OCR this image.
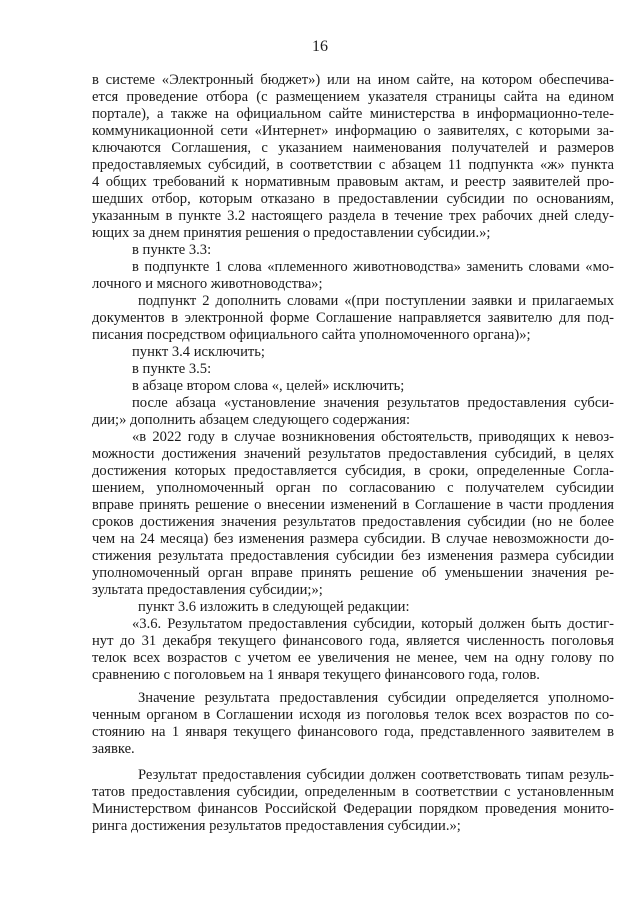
16
в системе «Электронный бюджет») или на ином сайте, на котором обеспечива-
ется проведение отбора (с размещением указателя страницы сайта на едином
портале), а также на официальном сайте министерства в информационно-теле-
коммуникационной сети «Интернет» информацию о заявителях, с которыми за-
ключаются Соглашения, с указанием наименования получателей и размеров
предоставляемых субсидий, в соответствии с абзацем 11 подпункта «ж» пункта
4 общих требований к нормативным правовым актам, и реестр заявителей про-
шедших отбор, которым отказано в предоставлении субсидии по основаниям,
указанным в пункте 3.2 настоящего раздела в течение трех рабочих дней следу-
ющих за днем принятия решения о предоставлении субсидии.»;
в пункте 3.3:
в подпункте 1 слова «племенного животноводства» заменить словами «мо-
лочного и мясного животноводства»;
подпункт 2 дополнить словами «(при поступлении заявки и прилагаемых
документов в электронной форме Соглашение направляется заявителю для под-
писания посредством официального сайта уполномоченного органа)»;
пункт 3.4 исключить;
в пункте 3.5:
в абзаце втором слова «, целей» исключить;
после абзаца «установление значения результатов предоставления субси-
дии;» дополнить абзацем следующего содержания:
«в 2022 году в случае возникновения обстоятельств, приводящих к невоз-
можности достижения значений результатов предоставления субсидий, в целях
достижения которых предоставляется субсидия, в сроки, определенные Согла-
шением, уполномоченный орган по согласованию с получателем субсидии
вправе принять решение о внесении изменений в Соглашение в части продления
сроков достижения значения результатов предоставления субсидии (но не более
чем на 24 месяца) без изменения размера субсидии. В случае невозможности до-
стижения результата предоставления субсидии без изменения размера субсидии
уполномоченный орган вправе принять решение об уменьшении значения ре-
зультата предоставления субсидии;»;
пункт 3.6 изложить в следующей редакции:
«3.6. Результатом предоставления субсидии, который должен быть достиг-
нут до 31 декабря текущего финансового года, является численность поголовья
телок всех возрастов с учетом ее увеличения не менее, чем на одну голову по
сравнению с поголовьем на 1 января текущего финансового года, голов.
Значение результата предоставления субсидии определяется уполномо-
ченным органом в Соглашении исходя из поголовья телок всех возрастов по со-
стоянию на 1 января текущего финансового года, представленного заявителем в
заявке.
Результат предоставления субсидии должен соответствовать типам резуль-
татов предоставления субсидии, определенным в соответствии с установленным
Министерством финансов Российской Федерации порядком проведения монито-
ринга достижения результатов предоставления субсидии.»;
